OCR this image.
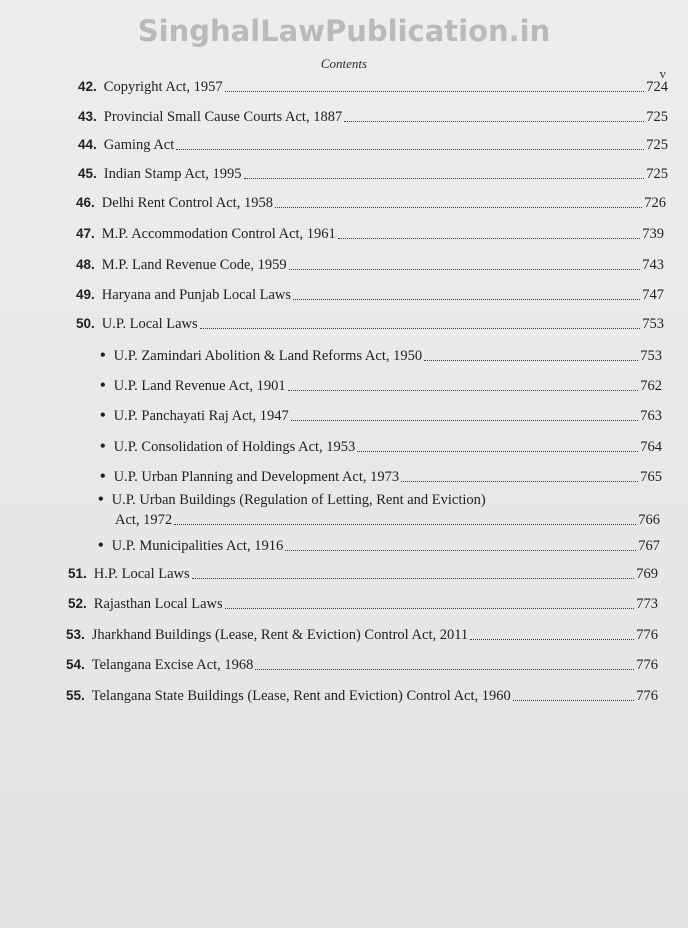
SinghalLawPublication.in
Contents
v
42. Copyright Act, 1957	724
43. Provincial Small Cause Courts Act, 1887	725
44. Gaming Act	725
45. Indian Stamp Act, 1995	725
46. Delhi Rent Control Act, 1958	726
47. M.P. Accommodation Control Act, 1961	739
48. M.P. Land Revenue Code, 1959	743
49. Haryana and Punjab Local Laws	747
50. U.P. Local Laws	753
• U.P. Zamindari Abolition & Land Reforms Act, 1950	753
• U.P. Land Revenue Act, 1901	762
• U.P. Panchayati Raj Act, 1947	763
• U.P. Consolidation of Holdings Act, 1953	764
• U.P. Urban Planning and Development Act, 1973	765
• U.P. Urban Buildings (Regulation of Letting, Rent and Eviction)
Act, 1972	766
• U.P. Municipalities Act, 1916	767
51. H.P. Local Laws	769
52. Rajasthan Local Laws	773
53. Jharkhand Buildings (Lease, Rent & Eviction) Control Act, 2011	776
54. Telangana Excise Act, 1968	776
55. Telangana State Buildings (Lease, Rent and Eviction) Control Act, 1960	776
